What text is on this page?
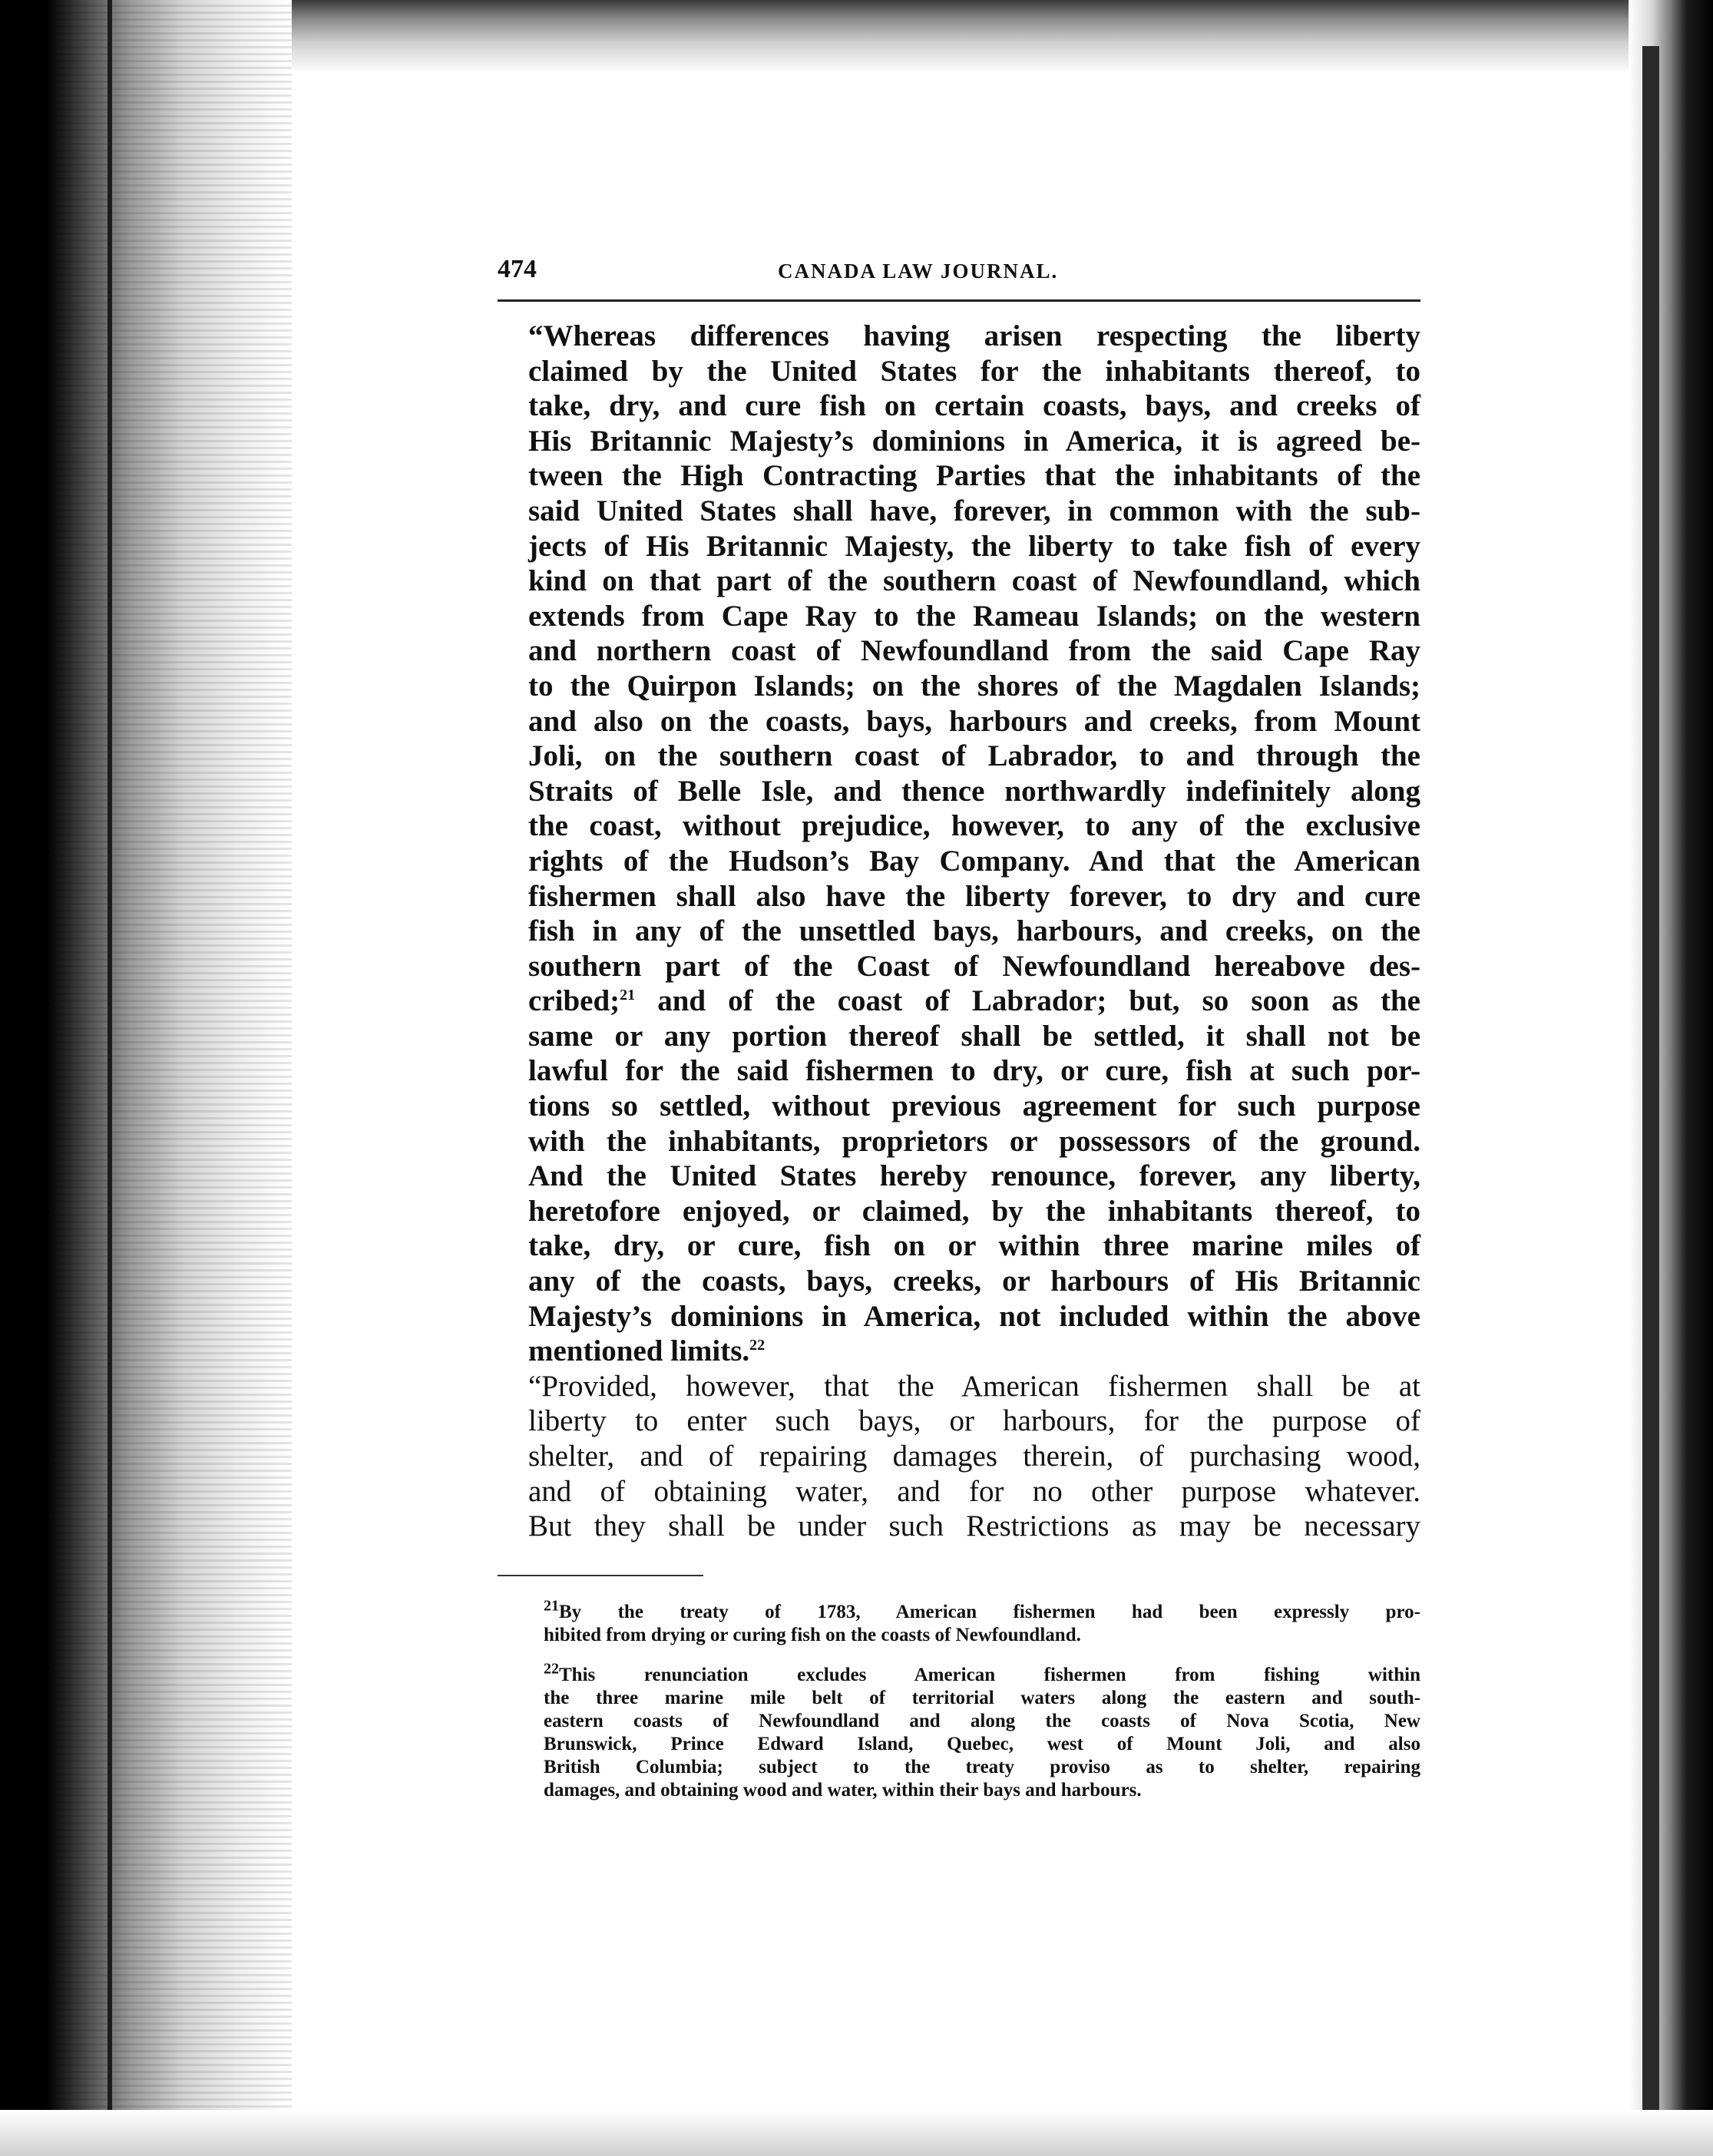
474	CANADA LAW JOURNAL.

“Whereas differences having arisen respecting the liberty
claimed by the United States for the inhabitants thereof, to
take, dry, and cure fish on certain coasts, bays, and creeks of
His Britannic Majesty’s dominions in America, it is agreed be-
tween the High Contracting Parties that the inhabitants of the
said United States shall have, forever, in common with the sub-
jects of His Britannic Majesty, the liberty to take fish of every
kind on that part of the southern coast of Newfoundland, which
extends from Cape Ray to the Rameau Islands; on the western
and northern coast of Newfoundland from the said Cape Ray
to the Quirpon Islands; on the shores of the Magdalen Islands;
and also on the coasts, bays, harbours and creeks, from Mount
Joli, on the southern coast of Labrador, to and through the
Straits of Belle Isle, and thence northwardly indefinitely along
the coast, without prejudice, however, to any of the exclusive
rights of the Hudson’s Bay Company. And that the American
fishermen shall also have the liberty forever, to dry and cure
fish in any of the unsettled bays, harbours, and creeks, on the
southern part of the Coast of Newfoundland hereabove des-
cribed;$^{21}$ and of the coast of Labrador; but, so soon as the
same or any portion thereof shall be settled, it shall not be
lawful for the said fishermen to dry, or cure, fish at such por-
tions so settled, without previous agreement for such purpose
with the inhabitants, proprietors or possessors of the ground.
And the United States hereby renounce, forever, any liberty,
heretofore enjoyed, or claimed, by the inhabitants thereof, to
take, dry, or cure, fish on or within three marine miles of
any of the coasts, bays, creeks, or harbours of His Britannic
Majesty’s dominions in America, not included within the above
mentioned limits.$^{22}$

“Provided, however, that the American fishermen shall be at
liberty to enter such bays, or harbours, for the purpose of
shelter, and of repairing damages therein, of purchasing wood,
and of obtaining water, and for no other purpose whatever.
But they shall be under such Restrictions as may be necessary

$^{21}$By the treaty of 1783, American fishermen had been expressly pro-
hibited from drying or curing fish on the coasts of Newfoundland.

$^{22}$This renunciation excludes American fishermen from fishing within
the three marine mile belt of territorial waters along the eastern and south-
eastern coasts of Newfoundland and along the coasts of Nova Scotia, New
Brunswick, Prince Edward Island, Quebec, west of Mount Joli, and also
British Columbia; subject to the treaty proviso as to shelter, repairing
damages, and obtaining wood and water, within their bays and harbours.
